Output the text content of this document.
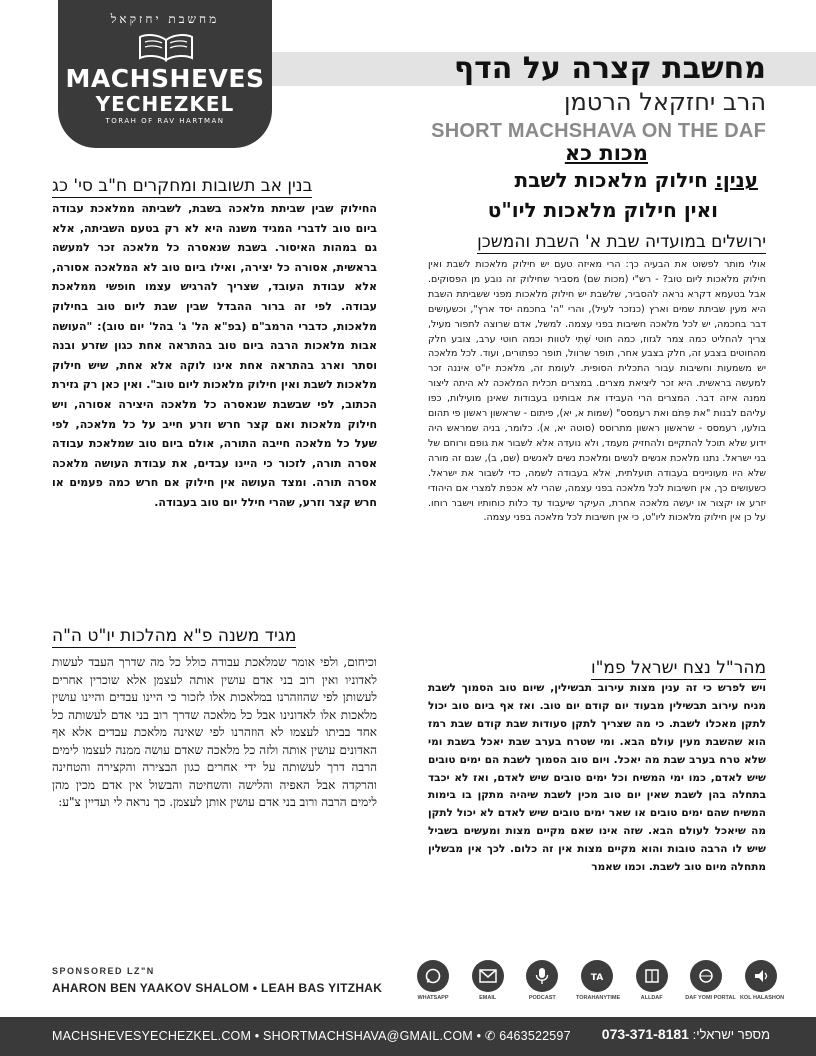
מחשבת יחזקאל
MACHSHEVES
YECHEZKEL
TORAH OF RAV HARTMAN
מחשבת קצרה על הדף
הרב יחזקאל הרטמן
SHORT MACHSHAVA ON THE DAF
מכות כא
ענין: חילוק מלאכות לשבת
ואין חילוק מלאכות ליו"ט
בנין אב תשובות ומחקרים ח"ב סי' כג
החילוק שבין שביתת מלאכה בשבת, לשביתה ממלאכת עבודה ביום טוב לדברי המגיד משנה היא לא רק בטעם השביתה, אלא גם במהות האיסור. בשבת שנאסרה כל מלאכה זכר למעשה בראשית, אסורה כל יצירה, ואילו ביום טוב לא המלאכה אסורה, אלא עבודת העובד, שצריך להרגיש עצמו חופשי ממלאכת עבודה. לפי זה ברור ההבדל שבין שבת ליום טוב בחילוק מלאכות, כדברי הרמב"ם (בפ"א הל' ג' בהל' יום טוב): "העושה אבות מלאכות הרבה ביום טוב בהתראה אחת כגון שזרע ובנה וסתר וארג בהתראה אחת אינו לוקה אלא אחת, שיש חילוק מלאכות לשבת ואין חילוק מלאכות ליום טוב". ואין כאן רק גזירת הכתוב, לפי שבשבת שנאסרה כל מלאכה היצירה אסורה, ויש חילוק מלאכות ואם קצר חרש וזרע חייב על כל מלאכה, לפי שעל כל מלאכה חייבה התורה, אולם ביום טוב שמלאכת עבודה אסרה תורה, לזכור כי היינו עבדים, את עבודת העושה מלאכה אסרה תורה. ומצד העושה אין חילוק אם חרש כמה פעמים או חרש קצר וזרע, שהרי חילל יום טוב בעבודה.
ירושלים במועדיה שבת א' השבת והמשכן
אולי מותר לפשוט את הבעיה כך: הרי מאיזה טעם יש חילוק מלאכות לשבת ואין חילוק מלאכות ליום טוב? - רש"י (מכות שם) מסביר שחילוק זה נובע מן הפסוקים. אבל בטעמא דקרא נראה להסביר, שלשבת יש חילוק מלאכות מפני ששביתת השבת היא מעין שביתת שמים וארץ (כנזכר לעיל), והרי "ה' בחכמה יסד ארץ", וכשעושים דבר בחכמה, יש לכל מלאכה חשיבות בפני עצמה. למשל, אדם שרוצה לתפור מעיל, צריך להחליט כמה צמר לגזוז, כמה חוטי שְׁתִי לטוות וכמה חוטי ערב, צובע חלק מהחוטים בצבע זה, חלק בצבע אחר, תופר שרוול, תופר כפתורים, ועוד. לכל מלאכה יש משמעות וחשיבות עבור התכלית הסופית. לעומת זה, מלאכת יו"ט איננה זכר למעשה בראשית. היא זכר ליציאת מצרים. במצרים תכלית המלאכה לא היתה ליצור ממנה איזה דבר. המצרים הרי העבידו את אבותינו בעבודות שאינן מועילות, כפו עליהם לבנות "את פִּתֹם ואת רעמסס" (שמות א, יא), פיתום - שראשון ראשון פי תהום בולעו, רעמסס - שראשון ראשון מתרוסס (סוטה יא, א). כלומר, בניה שמראש היה ידוע שלא תוכל להתקיים ולהחזיק מעמד, ולא נועדה אלא לשבור את גופם ורוחם של בני ישראל. נתנו מלאכת אנשים לנשים ומלאכת נשים לאנשים (שם, ב), שגם זה מורה שלא היו מעוניינים בעבודה תועלתית, אלא בעבודה לשמה, כדי לשבור את ישראל. כשעושים כך, אין חשיבות לכל מלאכה בפני עצמה, שהרי לא אכפת למצרי אם היהודי יזרע או יקצור או יעשה מלאכה אחרת, העיקר שיעבוד עד כלות כוחותיו וישבר רוחו. על כן אין חילוק מלאכות ליו"ט, כי אין חשיבות לכל מלאכה בפני עצמה.
מגיד משנה פ"א מהלכות יו"ט ה"ה
וכיחום, ולפי אומר שמלאכת עבודה כולל כל מה שדרך העבד לעשות לאדוניו ואין רוב בני אדם עושין אותה לעצמן אלא שוכרין אחרים לעשותן לפי שהוזהרנו במלאכות אלו לזכור כי היינו עבדים והיינו עושין מלאכות אלו לאדונינו אבל כל מלאכה שדרך רוב בני אדם לעשותה כל אחד בביתו לעצמו לא הוזהרנו לפי שאינה מלאכת עבדים אלא אף האדונים עושין אותה ולזה כל מלאכה שאדם עושה ממנה לעצמו לימים הרבה דרך לעשותה על ידי אחרים כגון הבצירה והקצירה והטחינה והרקדה אבל האפיה והלישה והשחיטה והבשול אין אדם מכין מהן לימים הרבה ורוב בני אדם עושין אותן לעצמן. כך נראה לי ועדיין צ"ע:
מהר"ל נצח ישראל פמ"ו
ויש לפרש כי זה ענין מצות עירוב תבשילין, שיום טוב הסמוך לשבת מניח עירוב תבשילין מבעוד יום קודם יום טוב. ואז אף ביום טוב יכול לתקן מאכלו לשבת. כי מה שצריך לתקן סעודות שבת קודם שבת רמז הוא שהשבת מעין עולם הבא. ומי שטרח בערב שבת יאכל בשבת ומי שלא טרח בערב שבת מה יאכל. ויום טוב הסמוך לשבת הם ימים טובים שיש לאדם, כמו ימי המשיח וכל ימים טובים שיש לאדם, ואז לא יכבד בתחלה בהן לשבת שאין יום טוב מכין לשבת שיהיה מתקן בו בימות המשיח שהם ימים טובים או שאר ימים טובים שיש לאדם לא יכול לתקן מה שיאכל לעולם הבא. שזה אינו שאם מקיים מצות ומעשים בשביל שיש לו הרבה טובות והוא מקיים מצות אין זה כלום. לכך אין מבשלין מתחלה מיום טוב לשבת. וכמו שאמר
SPONSORED LZ"N
AHARON BEN YAAKOV SHALOM • LEAH BAS YITZHAK
WHATSAPP	EMAIL	PODCAST
TA
TORAHANYTIME	ALLDAF	DAF YOMI PORTAL KOL HALASHON
MACHSHEVESYECHEZKEL.COM • SHORTMACHSHAVA@GMAIL.COM • ✆ 6463522597	מספר ישראלי: 073-371-8181
